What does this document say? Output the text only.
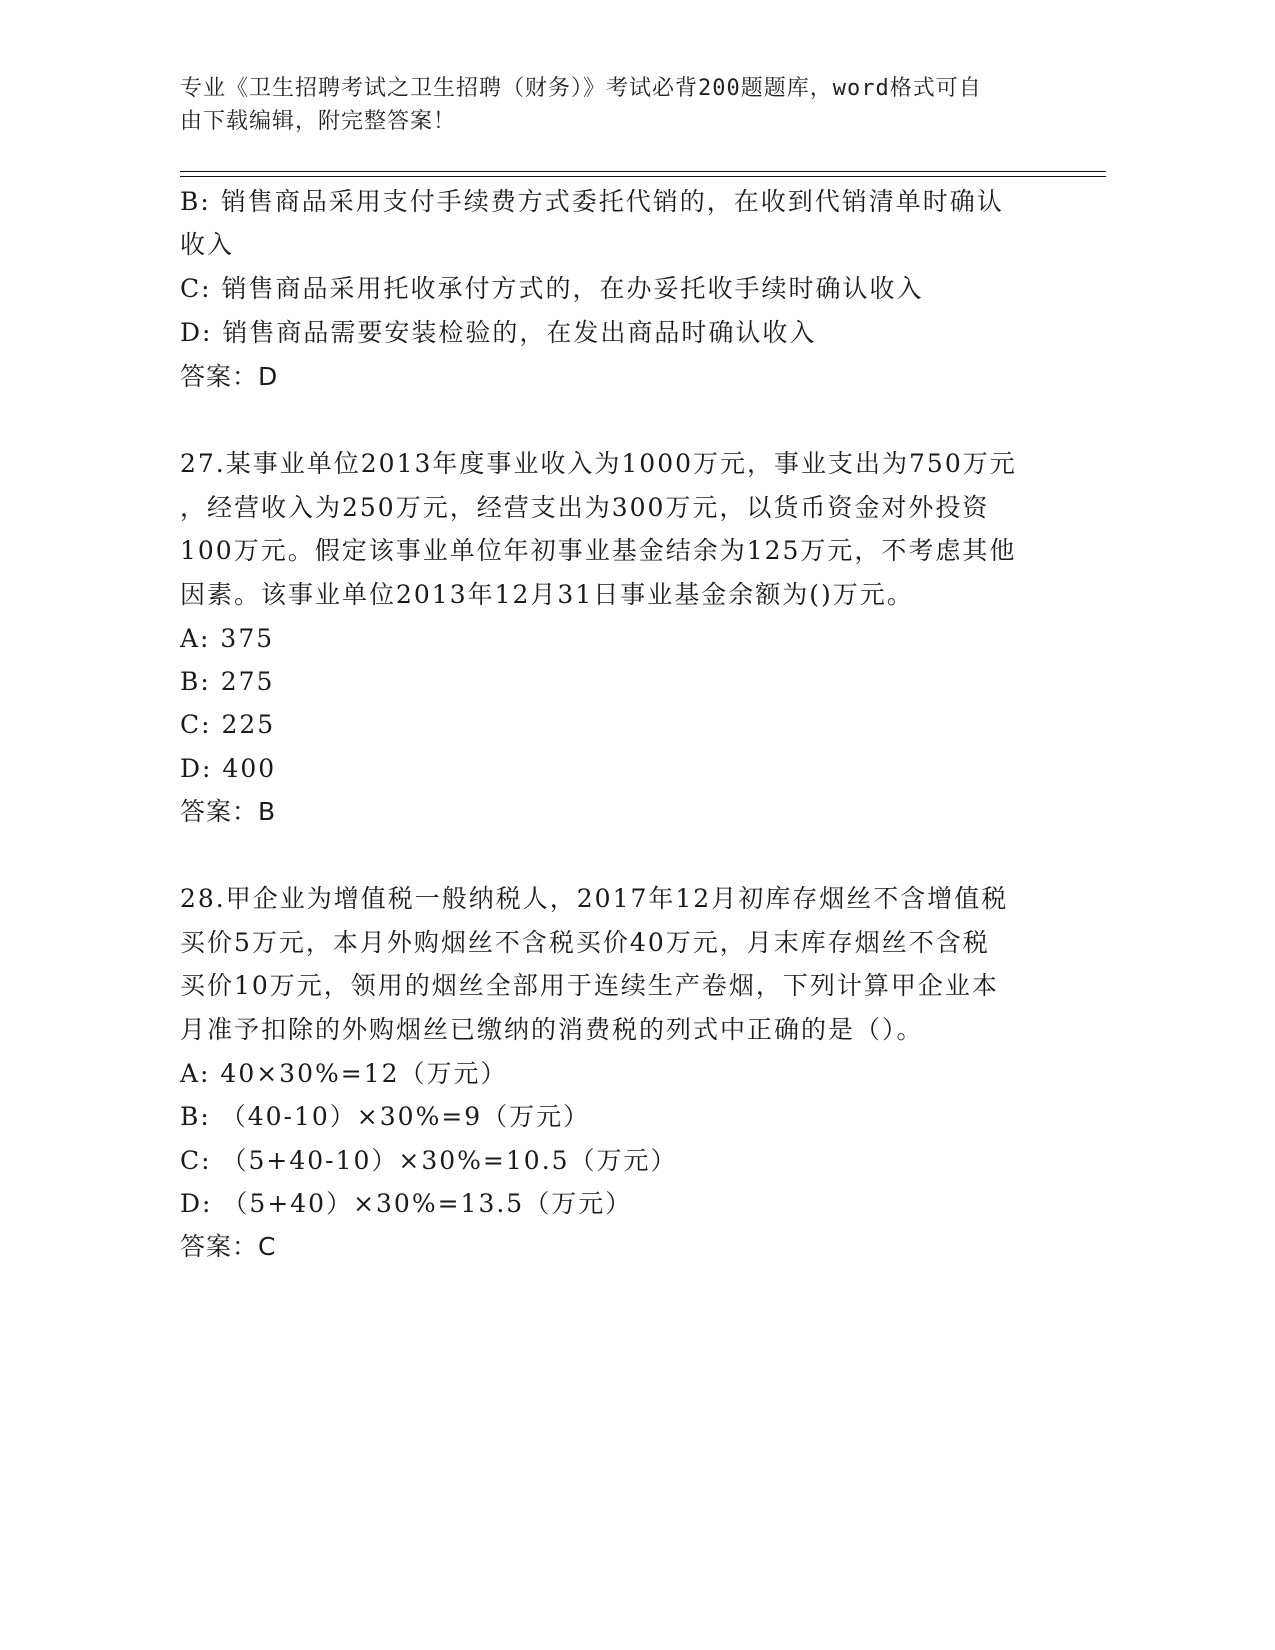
专业《卫生招聘考试之卫生招聘（财务）》考试必背200题题库，word格式可自
由下载编辑，附完整答案！
B: 销售商品采用支付手续费方式委托代销的，在收到代销清单时确认
收入
C: 销售商品采用托收承付方式的，在办妥托收手续时确认收入
D: 销售商品需要安装检验的，在发出商品时确认收入
答案：D
27.某事业单位2013年度事业收入为1000万元，事业支出为750万元
，经营收入为250万元，经营支出为300万元，以货币资金对外投资
100万元。假定该事业单位年初事业基金结余为125万元，不考虑其他
因素。该事业单位2013年12月31日事业基金余额为()万元。
A: 375
B: 275
C: 225
D: 400
答案：B
28.甲企业为增值税一般纳税人，2017年12月初库存烟丝不含增值税
买价5万元，本月外购烟丝不含税买价40万元，月末库存烟丝不含税
买价10万元，领用的烟丝全部用于连续生产卷烟，下列计算甲企业本
月准予扣除的外购烟丝已缴纳的消费税的列式中正确的是（）。
A: 40×30%=12（万元）
B: （40-10）×30%=9（万元）
C: （5+40-10）×30%=10.5（万元）
D: （5+40）×30%=13.5（万元）
答案：C
